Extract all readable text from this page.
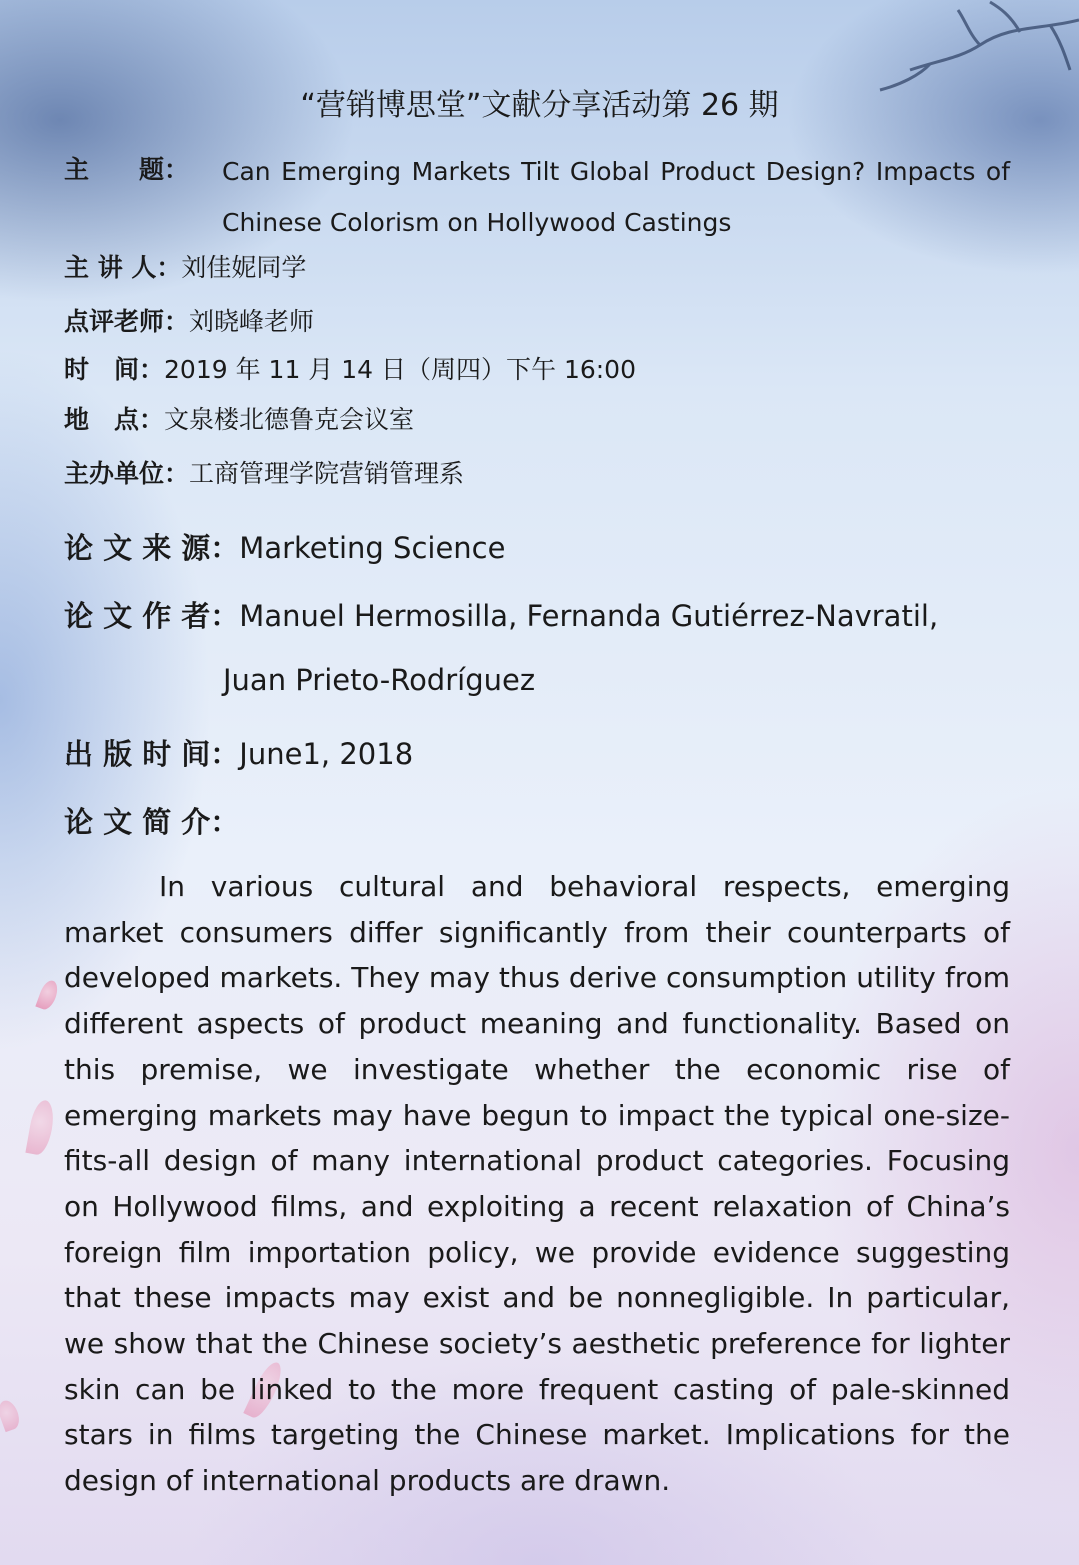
“营销博思堂”文献分享活动第 26 期
主　　题： Can Emerging Markets Tilt Global Product Design? Impacts of Chinese Colorism on Hollywood Castings
主 讲 人：刘佳妮同学
点评老师：刘晓峰老师
时　间：2019 年 11 月 14 日（周四）下午 16:00
地　点：文泉楼北德鲁克会议室
主办单位：工商管理学院营销管理系
论 文 来 源：Marketing Science
论 文 作 者：Manuel Hermosilla, Fernanda Gutiérrez-Navratil,
Juan Prieto-Rodríguez
出 版 时 间：June1, 2018
论 文 简 介：

In various cultural and behavioral respects, emerging market consumers differ significantly from their counterparts of developed markets. They may thus derive consumption utility from different aspects of product meaning and functionality. Based on this premise, we investigate whether the economic rise of emerging markets may have begun to impact the typical one-size-fits-all design of many international product categories. Focusing on Hollywood films, and exploiting a recent relaxation of China’s foreign film importation policy, we provide evidence suggesting that these impacts may exist and be nonnegligible. In particular, we show that the Chinese society’s aesthetic preference for lighter skin can be linked to the more frequent casting of pale-skinned stars in films targeting the Chinese market. Implications for the design of international products are drawn.
